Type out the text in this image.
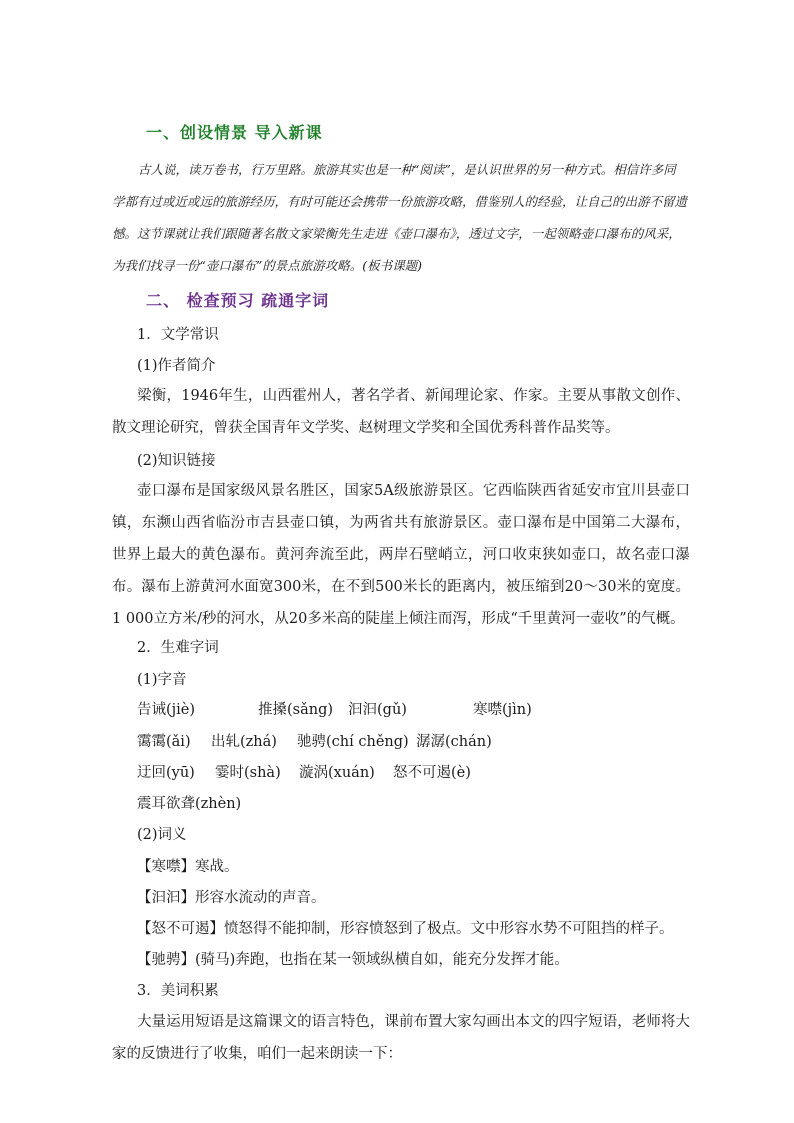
一、创设情景 导入新课
古人说，读万卷书，行万里路。旅游其实也是一种“阅读”，是认识世界的另一种方式。相信许多同学都有过或近或远的旅游经历，有时可能还会携带一份旅游攻略，借鉴别人的经验，让自己的出游不留遗憾。这节课就让我们跟随著名散文家梁衡先生走进《壶口瀑布》，透过文字，一起领略壶口瀑布的风采，为我们找寻一份“壶口瀑布”的景点旅游攻略。(板书课题)
二、 检查预习 疏通字词
1．文学常识
(1)作者简介
梁衡，1946年生，山西霍州人，著名学者、新闻理论家、作家。主要从事散文创作、散文理论研究，曾获全国青年文学奖、赵树理文学奖和全国优秀科普作品奖等。
(2)知识链接
壶口瀑布是国家级风景名胜区，国家5A级旅游景区。它西临陕西省延安市宜川县壶口镇，东濒山西省临汾市吉县壶口镇，为两省共有旅游景区。壶口瀑布是中国第二大瀑布，世界上最大的黄色瀑布。黄河奔流至此，两岸石壁峭立，河口收束狭如壶口，故名壶口瀑布。瀑布上游黄河水面宽300米，在不到500米长的距离内，被压缩到20～30米的宽度。1 000立方米/秒的河水，从20多米高的陡崖上倾注而泻，形成“千里黄河一壶收”的气概。
2．生难字词
(1)字音
告诫(jiè)	推搡(sǎng) 汩汩(gǔ)	寒噤(jìn)
霭霭(ǎi) 出轧(zhá) 驰骋(chí chěng) 潺潺(chán)
迂回(yū) 霎时(shà) 漩涡(xuán) 怒不可遏(è)
震耳欲聋(zhèn)
(2)词义
【寒噤】寒战。
【汩汩】形容水流动的声音。
【怒不可遏】愤怒得不能抑制，形容愤怒到了极点。文中形容水势不可阻挡的样子。
【驰骋】(骑马)奔跑，也指在某一领域纵横自如，能充分发挥才能。
3．美词积累
大量运用短语是这篇课文的语言特色，课前布置大家勾画出本文的四字短语，老师将大家的反馈进行了收集，咱们一起来朗读一下：
